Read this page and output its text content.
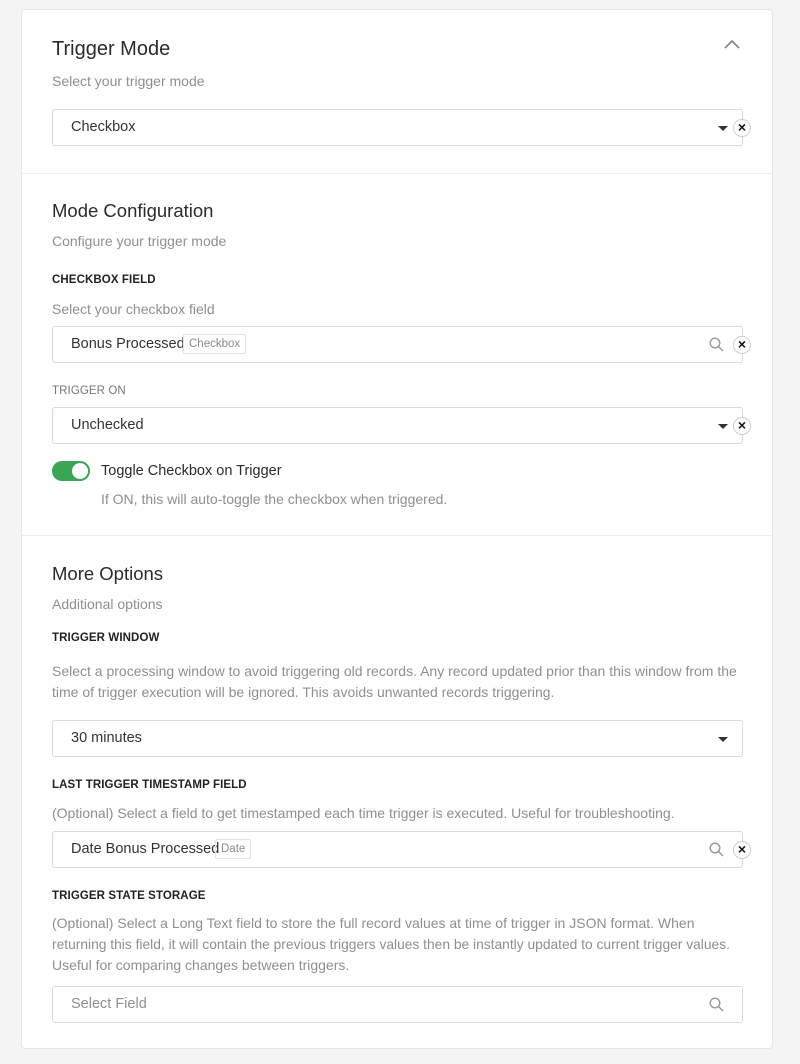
Trigger Mode
Select your trigger mode
Checkbox	×
Mode Configuration
Configure your trigger mode
CHECKBOX FIELD
Select your checkbox field
Bonus Processed Checkbox	×
TRIGGER ON
Unchecked	×
Toggle Checkbox on Trigger
If ON, this will auto-toggle the checkbox when triggered.
More Options
Additional options
TRIGGER WINDOW
Select a processing window to avoid triggering old records. Any record updated prior than this window from the
time of trigger execution will be ignored. This avoids unwanted records triggering.
30 minutes
LAST TRIGGER TIMESTAMP FIELD
(Optional) Select a field to get timestamped each time trigger is executed. Useful for troubleshooting.
Date Bonus Processed Date	×
TRIGGER STATE STORAGE
(Optional) Select a Long Text field to store the full record values at time of trigger in JSON format. When
returning this field, it will contain the previous triggers values then be instantly updated to current trigger values.
Useful for comparing changes between triggers.
Select Field
